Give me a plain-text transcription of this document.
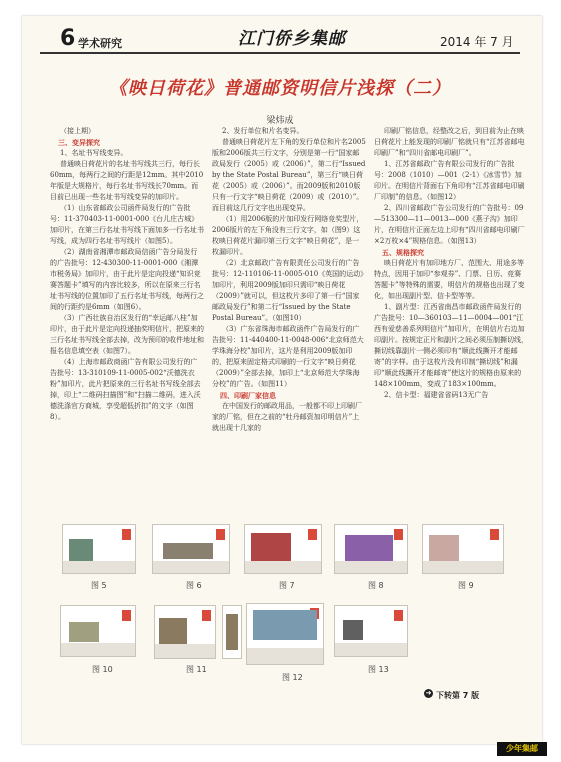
6 学术研究	江门侨乡集邮	2014 年 7 月
《映日荷花》普通邮资明信片浅探（二）
梁炜成

（接上期）

三、变异探究

1、名址书写线变异。

普通映日荷花片的名址书写线共三行，每行长60mm，每两行之间的行距是12mm。其中2010年版是大规格片，每行名址书写线长70mm。而目前已出现一些名址书写线变异的加印片。

（1）山东省邮政公司函件局发行的广告批号：11-370403-11-0001-000《台儿庄古城》加印片，在第三行名址书写线下面加多一行名址书写线，成为四行名址书写线片（如图5）。

（2）湖南省湘潭市邮政局信函广告分局发行的广告批号：12-430300-11-0001-000《湘潭市税务局》加印片，由于此片是定向投递“知识竞赛答题卡”填写的内容比较多，所以在原来三行名址书写线的位置加印了五行名址书写线，每两行之间的行距约是6mm（如图6）。

（3）广西壮族自治区发行的“幸运邮八桂”加印片，由于此片是定向投递抽奖明信片，把原来的三行名址书写线全部去掉，改为预印的收件地址和报名信息填空表（如图7）。

（4）上海市邮政商函广告有限公司发行的广告批号：13-310109-11-0005-002“沃德洗衣粉”加印片，此片把原来的三行名址书写线全部去掉，印上“二维码扫描图”和“扫描二维码，进入沃德洗涤官方商城，享受超低折扣”的文字（如图8）。

2、发行单位和片名变异。

普通映日荷花片左下角的发行单位和片名2005版和2006版共三行文字，分别是第一行“国家邮政局发行（2005）或（2006）”，第二行“Issued by the State Postal Bureau”，第三行“映日荷花（2005）或（2006）”。而2009版和2010版只有一行文字“映日荷花（2009）或（2010）”。而目前这几行文字也出现变异。

（1）用2006版的片加印发行网络竞奖型片，2006版片的左下角没有三行文字，如（图9）这枚映日荷花片漏印第三行文字“映日荷花”，是一枚漏印片。

（2）北京邮政广告有限责任公司发行的广告批号：12-110106-11-0005-010《英国的运动》加印片，利用2009版加印只需印“映日荷花（2009）”就可以，但这枚片多印了第一行“国家邮政局发行”和第二行“Issued by the State Postal Bureau”。（如图10）

（3）广东省珠海市邮政函件广告局发行的广告批号：11-440400-11-0048-006“北京师范大学珠海分校”加印片，这片是利用2009版加印的，把原来固定格式印刷的一行文字“映日荷花（2009）”全部去掉，加印上“北京师范大学珠海分校”的广告。（如图11）

四、印刷厂家信息

在中国发行的邮政用品，一般都不印上印刷厂家的厂铭，但在之前的“牡丹邮资加印明信片”上就出现十几家的

印刷厂铭信息，经整改之后，到目前为止在映日荷花片上能发现的印刷厂铭就只有“江苏省邮电印刷厂”和“四川省邮电印刷厂”。

1、江苏省邮政广告有限公司发行的广告批号：2008（1010）—001（2-1）《冰雪节》加印片。在明信片背面右下角印有“江苏省邮电印刷厂印制”的信息。（如图12）

2、四川省邮政广告公司发行的广告批号：09—513300—11—0013—000《燕子沟》加印片，在明信片正面左边上印有“四川省邮电印刷厂×2万枚×4”规格信息。（如图13）

五、规格探究

映日荷花片有加印地方厂、范围大、用途多等特点，因用于加印“参观券”、门票、日历、竞赛答题卡”等特殊的需要，明信片的规格也出现了变化，如出现副片型、信卡型等等。

1、副片型：江西省南昌市邮政函件局发行的广告批号：10—360103—11—0004—001“江西有爱慈善系列明信片”加印片，在明信片右边加印副片。按规定正片和副片之间必须压制撕切线，撕切线靠副片一侧必须印有“顺此线撕开才能邮寄”的字样。由于这枚片没有印制“撕切线”和漏印“顺此线撕开才能邮寄”使这片的规格由原来的148×100mm，变成了183×100mm。

2、信卡型：福建省省码13无广告

图 5	图 6	图 7	图 8	图 9
图 10	图 11
图 12
图 13
➜ 下转第 7 版
少年集邮
